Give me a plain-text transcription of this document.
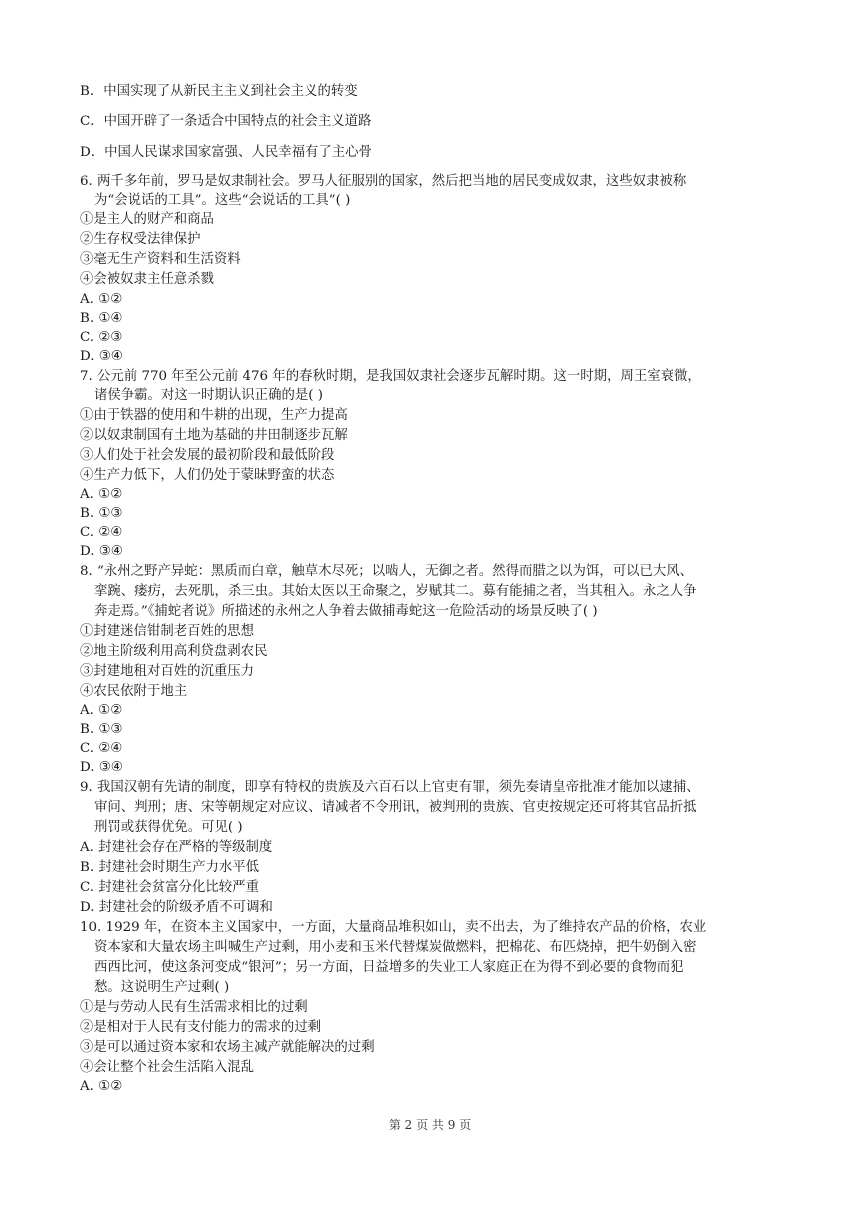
B．中国实现了从新民主主义到社会主义的转变
C．中国开辟了一条适合中国特点的社会主义道路
D．中国人民谋求国家富强、人民幸福有了主心骨
6. 两千多年前，罗马是奴隶制社会。罗马人征服别的国家，然后把当地的居民变成奴隶，这些奴隶被称
为“会说话的工具”。这些“会说话的工具”( )
①是主人的财产和商品
②生存权受法律保护
③毫无生产资料和生活资料
④会被奴隶主任意杀戮
A. ①②
B. ①④
C. ②③
D. ③④
7. 公元前 770 年至公元前 476 年的春秋时期，是我国奴隶社会逐步瓦解时期。这一时期，周王室衰微，
诸侯争霸。对这一时期认识正确的是( )
①由于铁器的使用和牛耕的出现，生产力提高
②以奴隶制国有土地为基础的井田制逐步瓦解
③人们处于社会发展的最初阶段和最低阶段
④生产力低下，人们仍处于蒙昧野蛮的状态
A. ①②
B. ①③
C. ②④
D. ③④
8. “永州之野产异蛇：黑质而白章，触草木尽死；以啮人，无御之者。然得而腊之以为饵，可以已大风、
挛踠、瘘疠，去死肌，杀三虫。其始太医以王命聚之，岁赋其二。募有能捕之者，当其租入。永之人争
奔走焉。”《捕蛇者说》所描述的永州之人争着去做捕毒蛇这一危险活动的场景反映了( )
①封建迷信钳制老百姓的思想
②地主阶级利用高利贷盘剥农民
③封建地租对百姓的沉重压力
④农民依附于地主
A. ①②
B. ①③
C. ②④
D. ③④
9. 我国汉朝有先请的制度，即享有特权的贵族及六百石以上官吏有罪，须先奏请皇帝批准才能加以逮捕、
审问、判刑；唐、宋等朝规定对应议、请减者不令刑讯，被判刑的贵族、官吏按规定还可将其官品折抵
刑罚或获得优免。可见( )
A. 封建社会存在严格的等级制度
B. 封建社会时期生产力水平低
C. 封建社会贫富分化比较严重
D. 封建社会的阶级矛盾不可调和
10. 1929 年，在资本主义国家中，一方面，大量商品堆积如山，卖不出去，为了维持农产品的价格，农业
资本家和大量农场主叫喊生产过剩，用小麦和玉米代替煤炭做燃料，把棉花、布匹烧掉，把牛奶倒入密
西西比河，使这条河变成“银河”；另一方面，日益增多的失业工人家庭正在为得不到必要的食物而犯
愁。这说明生产过剩( )
①是与劳动人民有生活需求相比的过剩
②是相对于人民有支付能力的需求的过剩
③是可以通过资本家和农场主减产就能解决的过剩
④会让整个社会生活陷入混乱
A. ①②
第 2 页 共 9 页
